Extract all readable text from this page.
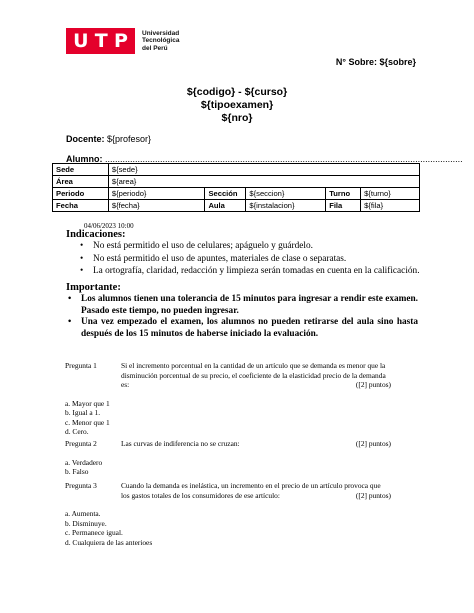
U T P Universidad
Tecnológica
del Perú
N° Sobre: ${sobre}
${codigo} - ${curso}
${tipoexamen}
${nro}
Docente: ${profesor}
Alumno: ...............................................................................................................................................
Sede	${sede}				
Área	${area}				
Periodo	${periodo}	Sección	${seccion}	Turno	${turno}
Fecha	${fecha}	Aula	${instalacion}	Fila	${fila}
04/06/2023 10:00
Indicaciones:
• No está permitido el uso de celulares; apáguelo y guárdelo.
• No está permitido el uso de apuntes, materiales de clase o separatas.
• La ortografía, claridad, redacción y limpieza serán tomadas en cuenta en la calificación.
Importante:
• Los alumnos tienen una tolerancia de 15 minutos para ingresar a rendir este examen. Pasado este tiempo, no pueden ingresar.
• Una vez empezado el examen, los alumnos no pueden retirarse del aula sino hasta después de los 15 minutos de haberse iniciado la evaluación.
Pregunta 1	Si el incremento porcentual en la cantidad de un artículo que se demanda es menor que la disminución porcentual de su precio, el coeficiente de la elasticidad precio de la demanda es:	([2] puntos)
a. Mayor que 1
b. Igual a 1.
c. Menor que 1
d. Cero.
Pregunta 2	Las curvas de indiferencia no se cruzan:	([2] puntos)
a. Verdadero
b. Falso
Pregunta 3	Cuando la demanda es inelástica, un incremento en el precio de un artículo provoca que los gastos totales de los consumidores de ese artículo:	([2] puntos)
a. Aumenta.
b. Disminuye.
c. Permanece igual.
d. Cualquiera de las anterioes
